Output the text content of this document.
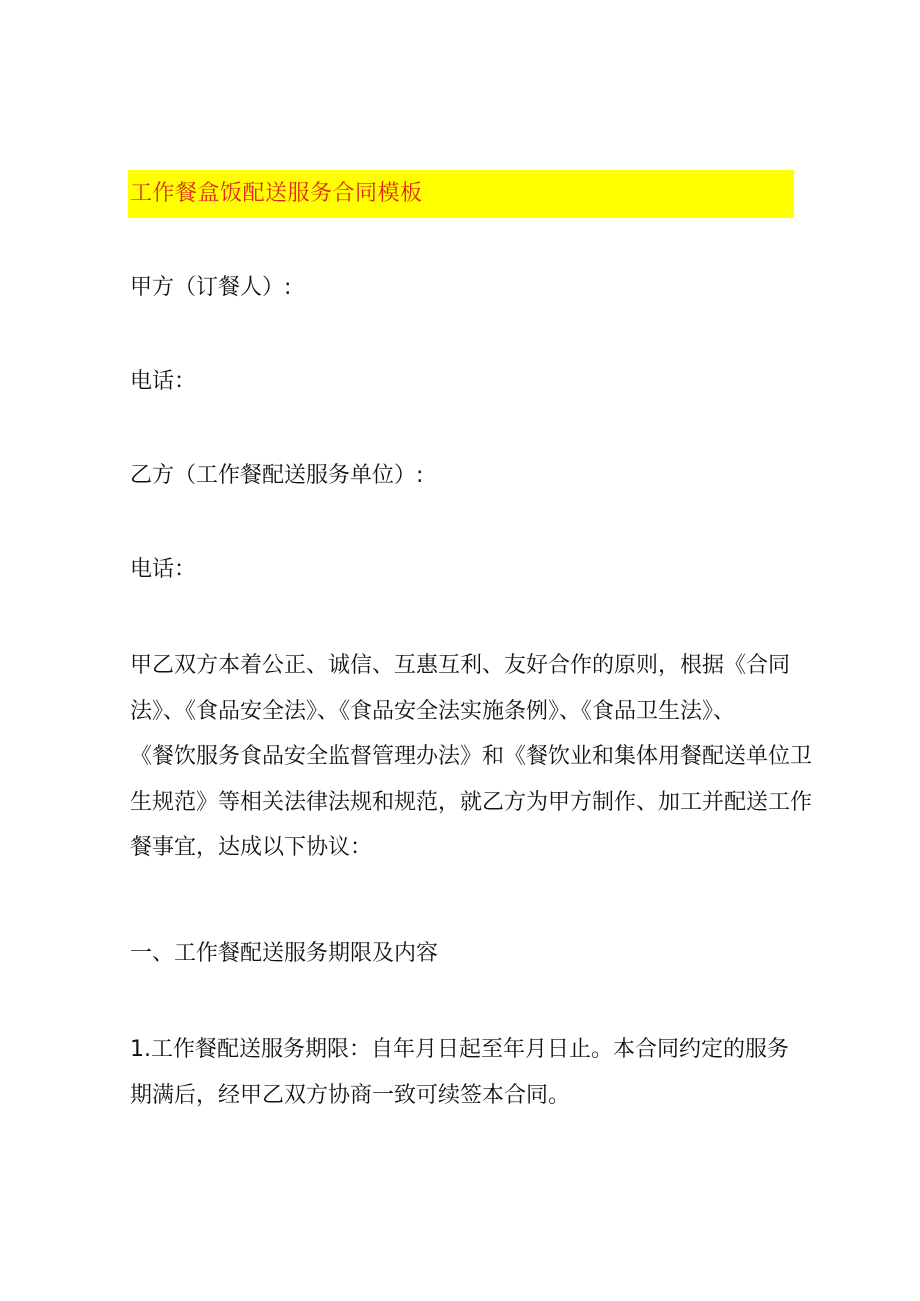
工作餐盒饭配送服务合同模板
甲方（订餐人）:
电话：
乙方（工作餐配送服务单位）:
电话：
甲乙双方本着公正、诚信、互惠互利、友好合作的原则，根据《合同
法》、《食品安全法》、《食品安全法实施条例》、《食品卫生法》、
《餐饮服务食品安全监督管理办法》和《餐饮业和集体用餐配送单位卫
生规范》等相关法律法规和规范，就乙方为甲方制作、加工并配送工作
餐事宜，达成以下协议：
一、工作餐配送服务期限及内容
1.工作餐配送服务期限：自年月日起至年月日止。本合同约定的服务
期满后，经甲乙双方协商一致可续签本合同。
